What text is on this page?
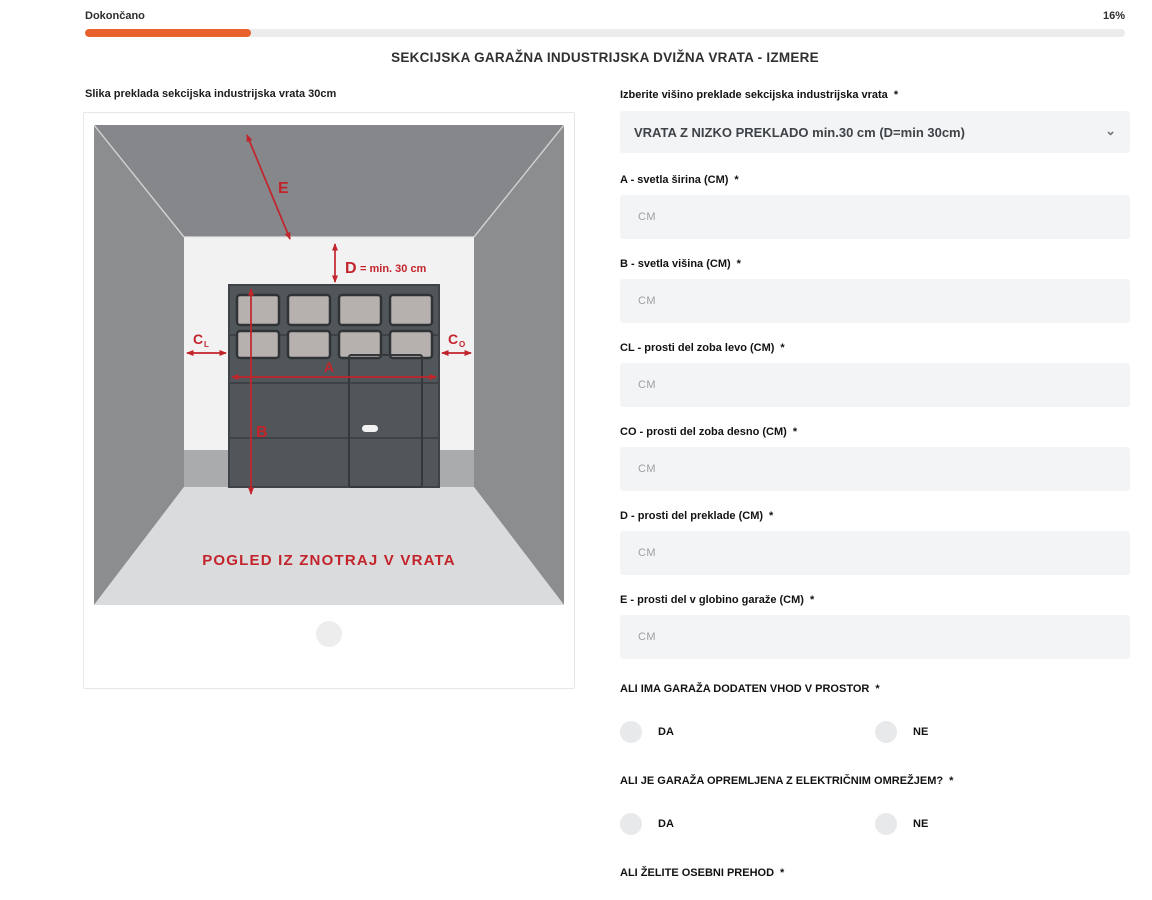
Dokončano	16%
SEKCIJSKA GARAŽNA INDUSTRIJSKA DVIŽNA VRATA - IZMERE
Slika preklada sekcijska industrijska vrata 30cm
E
D = min. 30 cm
C L	C O
A
B
POGLED IZ ZNOTRAJ V VRATA
Izberite višino preklade sekcijska industrijska vrata *
VRATA Z NIZKO PREKLADO min.30 cm (D=min 30cm)	⌄
A - svetla širina (CM) *
CM
B - svetla višina (CM) *
CM
CL - prosti del zoba levo (CM) *
CM
CO - prosti del zoba desno (CM) *
CM
D - prosti del preklade (CM) *
CM
E - prosti del v globino garaže (CM) *
CM
ALI IMA GARAŽA DODATEN VHOD V PROSTOR *
DA	NE
ALI JE GARAŽA OPREMLJENA Z ELEKTRIČNIM OMREŽJEM? *
DA	NE
ALI ŽELITE OSEBNI PREHOD *
